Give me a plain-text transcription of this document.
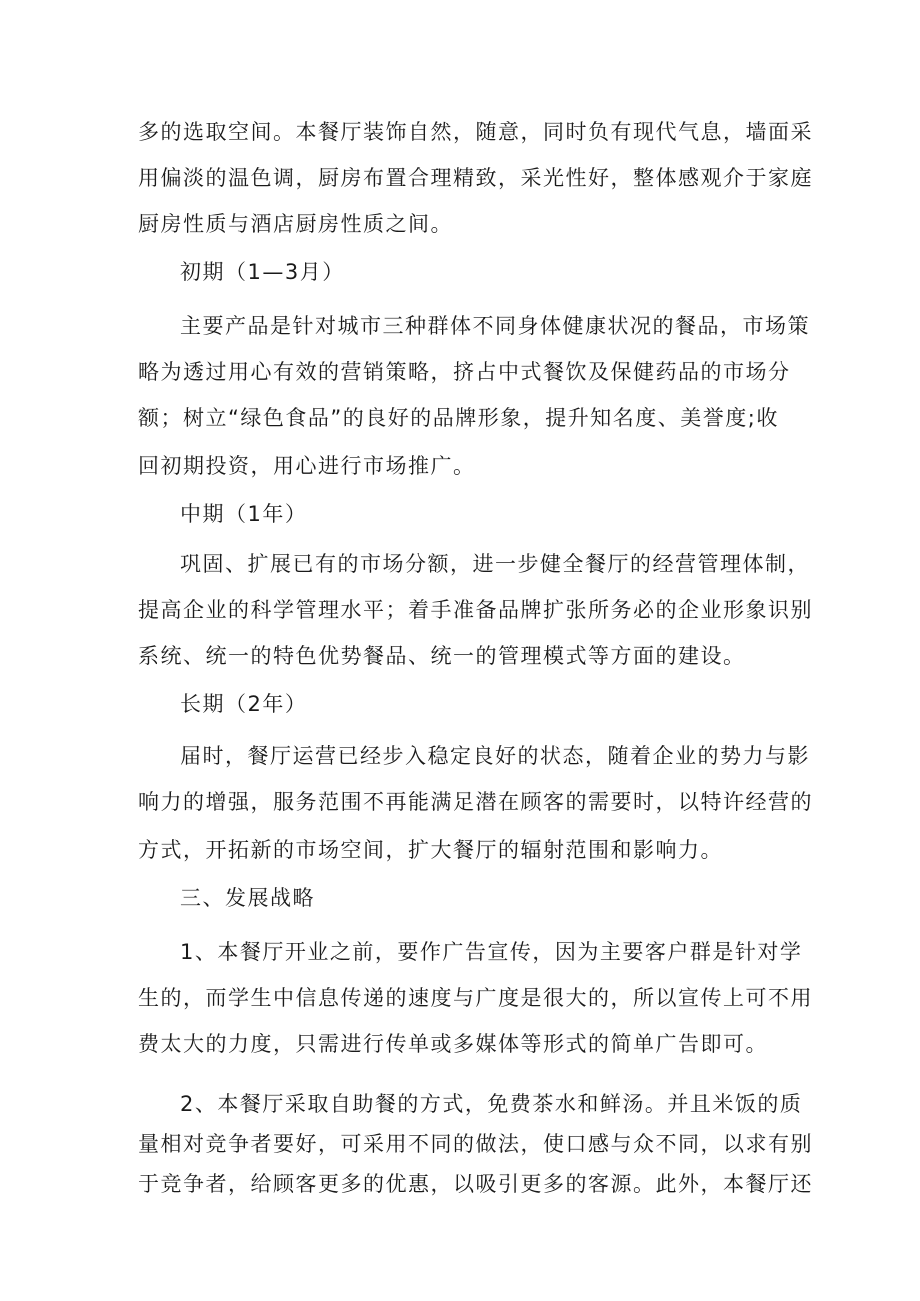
多的选取空间。本餐厅装饰自然，随意，同时负有现代气息，墙面采
用偏淡的温色调，厨房布置合理精致，采光性好，整体感观介于家庭
厨房性质与酒店厨房性质之间。
初期（1—3月）
主要产品是针对城市三种群体不同身体健康状况的餐品，市场策
略为透过用心有效的营销策略，挤占中式餐饮及保健药品的市场分
额；树立“绿色食品”的良好的品牌形象，提升知名度、美誉度;收
回初期投资，用心进行市场推广。
中期（1年）
巩固、扩展已有的市场分额，进一步健全餐厅的经营管理体制，
提高企业的科学管理水平；着手准备品牌扩张所务必的企业形象识别
系统、统一的特色优势餐品、统一的管理模式等方面的建设。
长期（2年）
届时，餐厅运营已经步入稳定良好的状态，随着企业的势力与影
响力的增强，服务范围不再能满足潜在顾客的需要时，以特许经营的
方式，开拓新的市场空间，扩大餐厅的辐射范围和影响力。
三、发展战略
1、本餐厅开业之前，要作广告宣传，因为主要客户群是针对学
生的，而学生中信息传递的速度与广度是很大的，所以宣传上可不用
费太大的力度，只需进行传单或多媒体等形式的简单广告即可。
2、本餐厅采取自助餐的方式，免费茶水和鲜汤。并且米饭的质
量相对竞争者要好，可采用不同的做法，使口感与众不同，以求有别
于竞争者，给顾客更多的优惠，以吸引更多的客源。此外，本餐厅还
